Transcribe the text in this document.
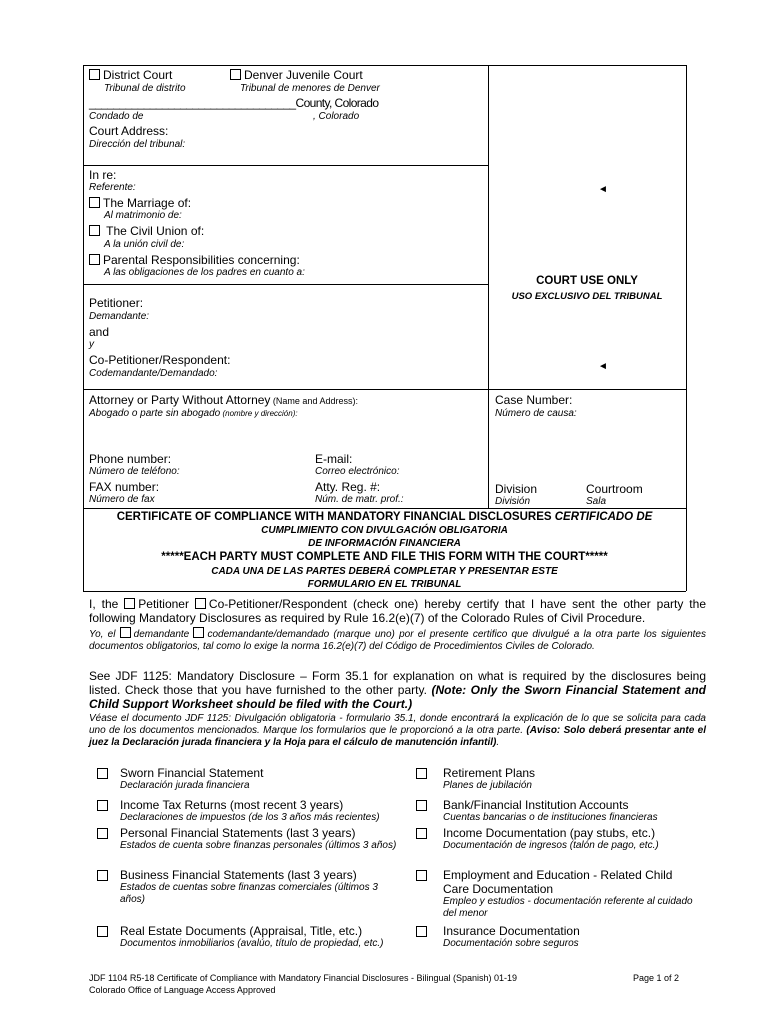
District Court
Tribunal de distrito
Denver Juvenile Court
Tribunal de menores de Denver
__________________________________County, Colorado
Condado de	, Colorado
Court Address:
Dirección del tribunal:
In re:
Referente:
The Marriage of:
Al matrimonio de:
The Civil Union of:
A la unión civil de:
Parental Responsibilities concerning:
A las obligaciones de los padres en cuanto a:
Petitioner:
Demandante:
and
y
Co-Petitioner/Respondent:
Codemandante/Demandado:
◄
COURT USE ONLY
USO EXCLUSIVO DEL TRIBUNAL
◄
Attorney or Party Without Attorney (Name and Address):
Abogado o parte sin abogado (nombre y dirección):
Phone number:
Número de teléfono:
FAX number:
Número de fax
E-mail:
Correo electrónico:
Atty. Reg. #:
Núm. de matr. prof.:
Case Number:
Número de causa:
Division
División
Courtroom
Sala
CERTIFICATE OF COMPLIANCE WITH MANDATORY FINANCIAL DISCLOSURES CERTIFICADO DE
CUMPLIMIENTO CON DIVULGACIÓN OBLIGATORIA
DE INFORMACIÓN FINANCIERA
*****EACH PARTY MUST COMPLETE AND FILE THIS FORM WITH THE COURT*****
CADA UNA DE LAS PARTES DEBERÁ COMPLETAR Y PRESENTAR ESTE
FORMULARIO EN EL TRIBUNAL
I, the Petitioner Co-Petitioner/Respondent (check one) hereby certify that I have sent the other party the following Mandatory Disclosures as required by Rule 16.2(e)(7) of the Colorado Rules of Civil Procedure.
Yo, el demandante codemandante/demandado (marque uno) por el presente certifico que divulgué a la otra parte los siguientes documentos obligatorios, tal como lo exige la norma 16.2(e)(7) del Código de Procedimientos Civiles de Colorado.
See JDF 1125: Mandatory Disclosure – Form 35.1 for explanation on what is required by the disclosures being listed. Check those that you have furnished to the other party. (Note: Only the Sworn Financial Statement and Child Support Worksheet should be filed with the Court.)
Véase el documento JDF 1125: Divulgación obligatoria - formulario 35.1, donde encontrará la explicación de lo que se solicita para cada uno de los documentos mencionados. Marque los formularios que le proporcionó a la otra parte. (Aviso: Solo deberá presentar ante el juez la Declaración jurada financiera y la Hoja para el cálculo de manutención infantil).
Sworn Financial Statement
Declaración jurada financiera
Income Tax Returns (most recent 3 years)
Declaraciones de impuestos (de los 3 años más recientes)
Personal Financial Statements (last 3 years)
Estados de cuenta sobre finanzas personales (últimos 3 años)
Business Financial Statements (last 3 years)
Estados de cuentas sobre finanzas comerciales (últimos 3 años)
Real Estate Documents (Appraisal, Title, etc.)
Documentos inmobiliarios (avalúo, título de propiedad, etc.)
Retirement Plans
Planes de jubilación
Bank/Financial Institution Accounts
Cuentas bancarias o de instituciones financieras
Income Documentation (pay stubs, etc.)
Documentación de ingresos (talón de pago, etc.)
Employment and Education - Related Child Care Documentation
Empleo y estudios - documentación referente al cuidado del menor
Insurance Documentation
Documentación sobre seguros
JDF 1104 R5-18 Certificate of Compliance with Mandatory Financial Disclosures - Bilingual (Spanish) 01-19
Colorado Office of Language Access Approved
Page 1 of 2
